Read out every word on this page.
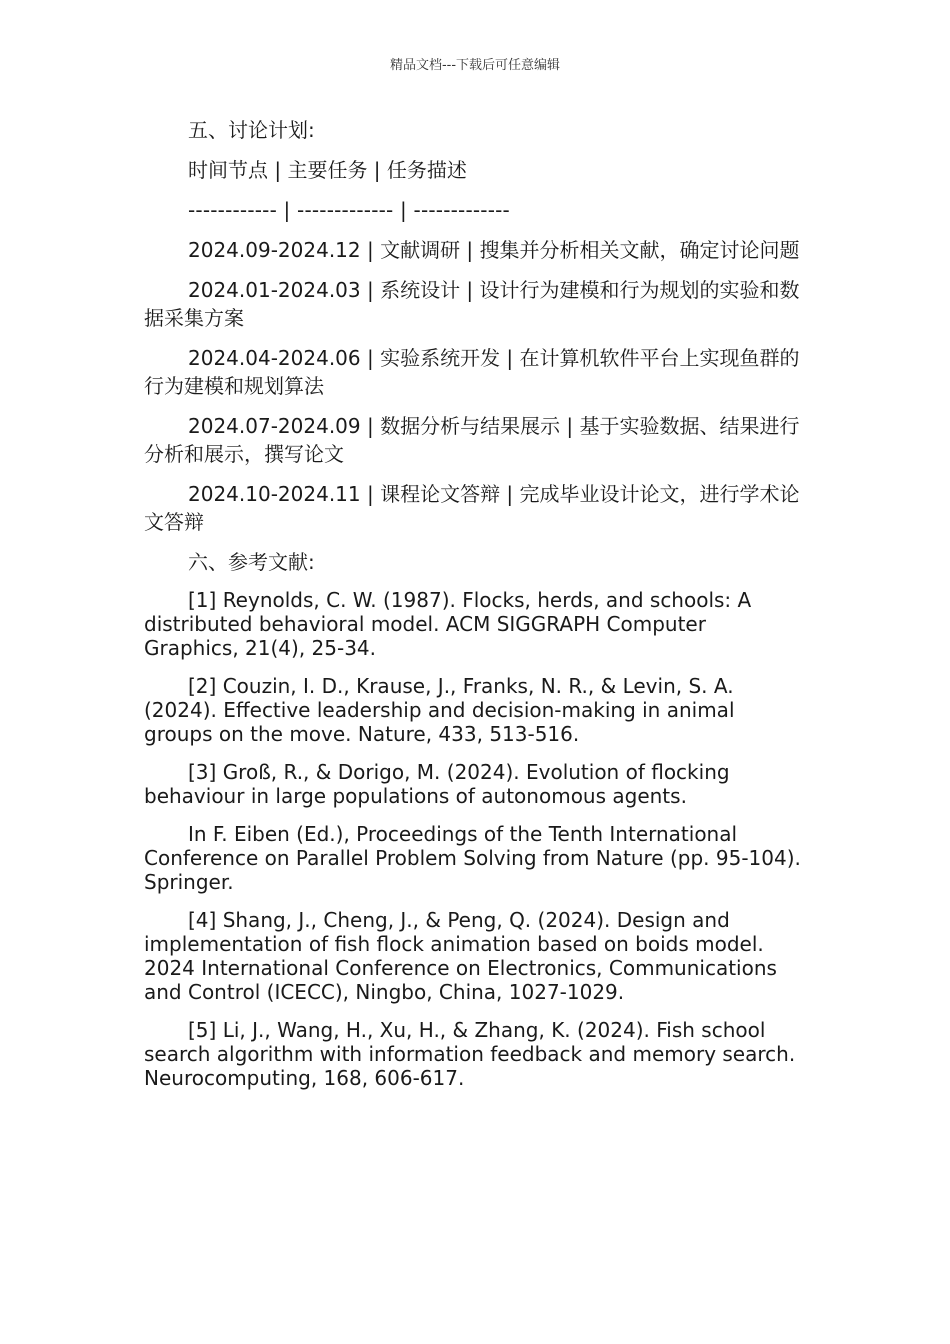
精品文档---下载后可任意编辑

五、讨论计划:

时间节点 | 主要任务 | 任务描述

------------ | ------------- | -------------

2024.09-2024.12 | 文献调研 | 搜集并分析相关文献，确定讨论问题

2024.01-2024.03 | 系统设计 | 设计行为建模和行为规划的实验和数据采集方案

2024.04-2024.06 | 实验系统开发 | 在计算机软件平台上实现鱼群的行为建模和规划算法

2024.07-2024.09 | 数据分析与结果展示 | 基于实验数据、结果进行分析和展示，撰写论文

2024.10-2024.11 | 课程论文答辩 | 完成毕业设计论文，进行学术论文答辩

六、参考文献:

[1] Reynolds, C. W. (1987). Flocks, herds, and schools: A distributed behavioral model. ACM SIGGRAPH Computer Graphics, 21(4), 25-34.

[2] Couzin, I. D., Krause, J., Franks, N. R., & Levin, S. A. (2024). Effective leadership and decision-making in animal groups on the move. Nature, 433, 513-516.

[3] Groß, R., & Dorigo, M. (2024). Evolution of flocking behaviour in large populations of autonomous agents.

In F. Eiben (Ed.), Proceedings of the Tenth International Conference on Parallel Problem Solving from Nature (pp. 95-104). Springer.

[4] Shang, J., Cheng, J., & Peng, Q. (2024). Design and implementation of fish flock animation based on boids model. 2024 International Conference on Electronics, Communications and Control (ICECC), Ningbo, China, 1027-1029.

[5] Li, J., Wang, H., Xu, H., & Zhang, K. (2024). Fish school search algorithm with information feedback and memory search. Neurocomputing, 168, 606-617.
